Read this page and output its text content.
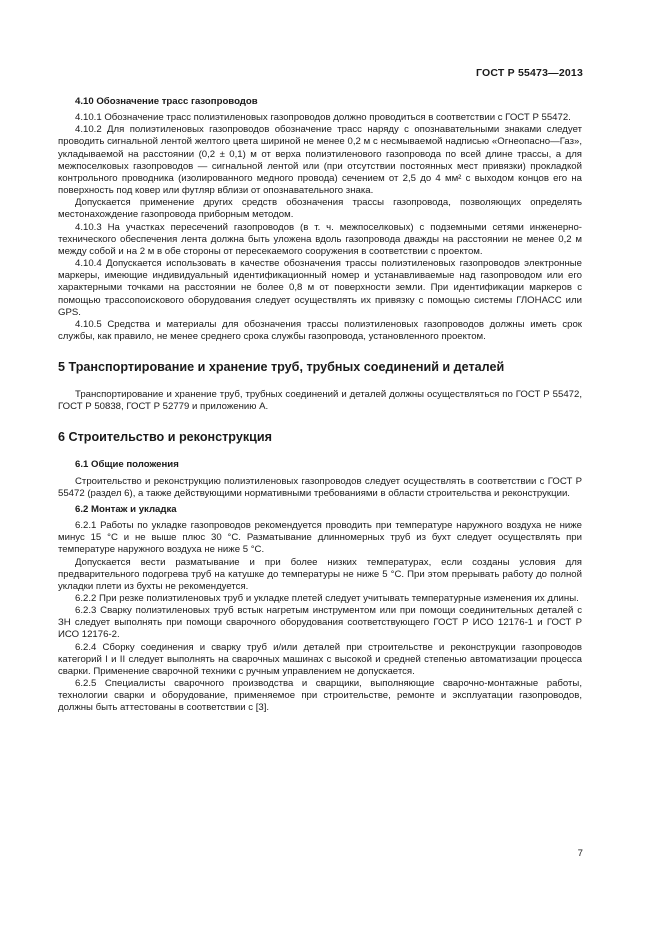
ГОСТ Р 55473—2013
4.10 Обозначение трасс газопроводов

4.10.1 Обозначение трасс полиэтиленовых газопроводов должно проводиться в соответствии с ГОСТ Р 55472.

4.10.2 Для полиэтиленовых газопроводов обозначение трасс наряду с опознавательными знаками следует проводить сигнальной лентой желтого цвета шириной не менее 0,2 м с несмываемой надписью «Огнеопасно—Газ», укладываемой на расстоянии (0,2 ± 0,1) м от верха полиэтиленового газопровода по всей длине трассы, а для межпоселковых газопроводов — сигнальной лентой или (при отсутствии постоянных мест привязки) прокладкой контрольного проводника (изолированного медного провода) сечением от 2,5 до 4 мм² с выходом концов его на поверхность под ковер или футляр вблизи от опознавательного знака.

Допускается применение других средств обозначения трассы газопровода, позволяющих определять местонахождение газопровода приборным методом.

4.10.3 На участках пересечений газопроводов (в т. ч. межпоселковых) с подземными сетями инженерно-технического обеспечения лента должна быть уложена вдоль газопровода дважды на расстоянии не менее 0,2 м между собой и на 2 м в обе стороны от пересекаемого сооружения в соответствии с проектом.

4.10.4 Допускается использовать в качестве обозначения трассы полиэтиленовых газопроводов электронные маркеры, имеющие индивидуальный идентификационный номер и устанавливаемые над газопроводом или его характерными точками на расстоянии не более 0,8 м от поверхности земли. При идентификации маркеров с помощью трассопоискового оборудования следует осуществлять их привязку с помощью системы ГЛОНАСС или GPS.

4.10.5 Средства и материалы для обозначения трассы полиэтиленовых газопроводов должны иметь срок службы, как правило, не менее среднего срока службы газопровода, установленного проектом.

5 Транспортирование и хранение труб, трубных соединений и деталей

Транспортирование и хранение труб, трубных соединений и деталей должны осуществляться по ГОСТ Р 55472, ГОСТ Р 50838, ГОСТ Р 52779 и приложению А.

6 Строительство и реконструкция
6.1 Общие положения

Строительство и реконструкцию полиэтиленовых газопроводов следует осуществлять в соответствии с ГОСТ Р 55472 (раздел 6), а также действующими нормативными требованиями в области строительства и реконструкции.

6.2 Монтаж и укладка

6.2.1 Работы по укладке газопроводов рекомендуется проводить при температуре наружного воздуха не ниже минус 15 °С и не выше плюс 30 °С. Разматывание длинномерных труб из бухт следует осуществлять при температуре наружного воздуха не ниже 5 °С.

Допускается вести разматывание и при более низких температурах, если созданы условия для предварительного подогрева труб на катушке до температуры не ниже 5 °С. При этом прерывать работу до полной укладки плети из бухты не рекомендуется.

6.2.2 При резке полиэтиленовых труб и укладке плетей следует учитывать температурные изменения их длины.

6.2.3 Сварку полиэтиленовых труб встык нагретым инструментом или при помощи соединительных деталей с ЗН следует выполнять при помощи сварочного оборудования соответствующего ГОСТ Р ИСО 12176-1 и ГОСТ Р ИСО 12176-2.

6.2.4 Сборку соединения и сварку труб и/или деталей при строительстве и реконструкции газопроводов категорий I и II следует выполнять на сварочных машинах с высокой и средней степенью автоматизации процесса сварки. Применение сварочной техники с ручным управлением не допускается.

6.2.5 Специалисты сварочного производства и сварщики, выполняющие сварочно-монтажные работы, технологии сварки и оборудование, применяемое при строительстве, ремонте и эксплуатации газопроводов, должны быть аттестованы в соответствии с [3].

7
